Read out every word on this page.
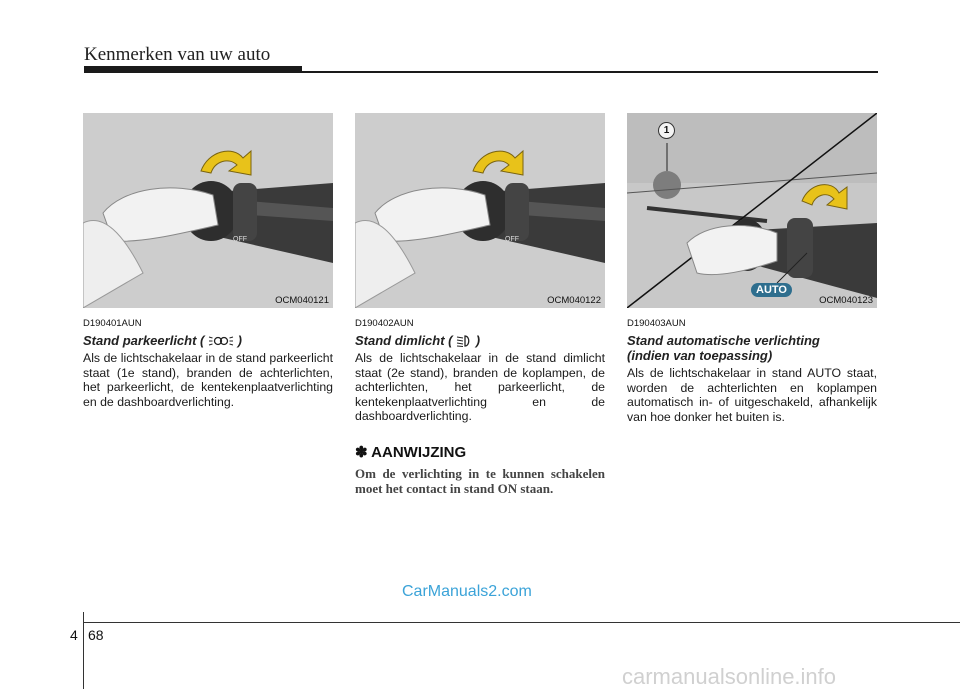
Kenmerken van uw auto
OFF
OCM040121
OFF
OCM040122
1
AUTO
OCM040123
D190401AUN
Stand parkeerlicht (	)
Als de lichtschakelaar in de stand parkeerlicht staat (1e stand), branden de achterlichten, het parkeerlicht, de kentekenplaatverlichting en de dashboardverlichting.
D190402AUN
Stand dimlicht ( )
Als de lichtschakelaar in de stand dimlicht staat (2e stand), branden de koplampen, de achterlichten, het parkeerlicht, de kentekenplaatverlichting en de dashboardverlichting.
✽ AANWIJZING
Om de verlichting in te kunnen schakelen moet het contact in stand ON staan.
D190403AUN
Stand automatische verlichting
(indien van toepassing)
Als de lichtschakelaar in stand AUTO staat, worden de achterlichten en koplampen automatisch in- of uitgeschakeld, afhankelijk van hoe donker het buiten is.
4 68
CarManuals2.com
carmanualsonline.info
